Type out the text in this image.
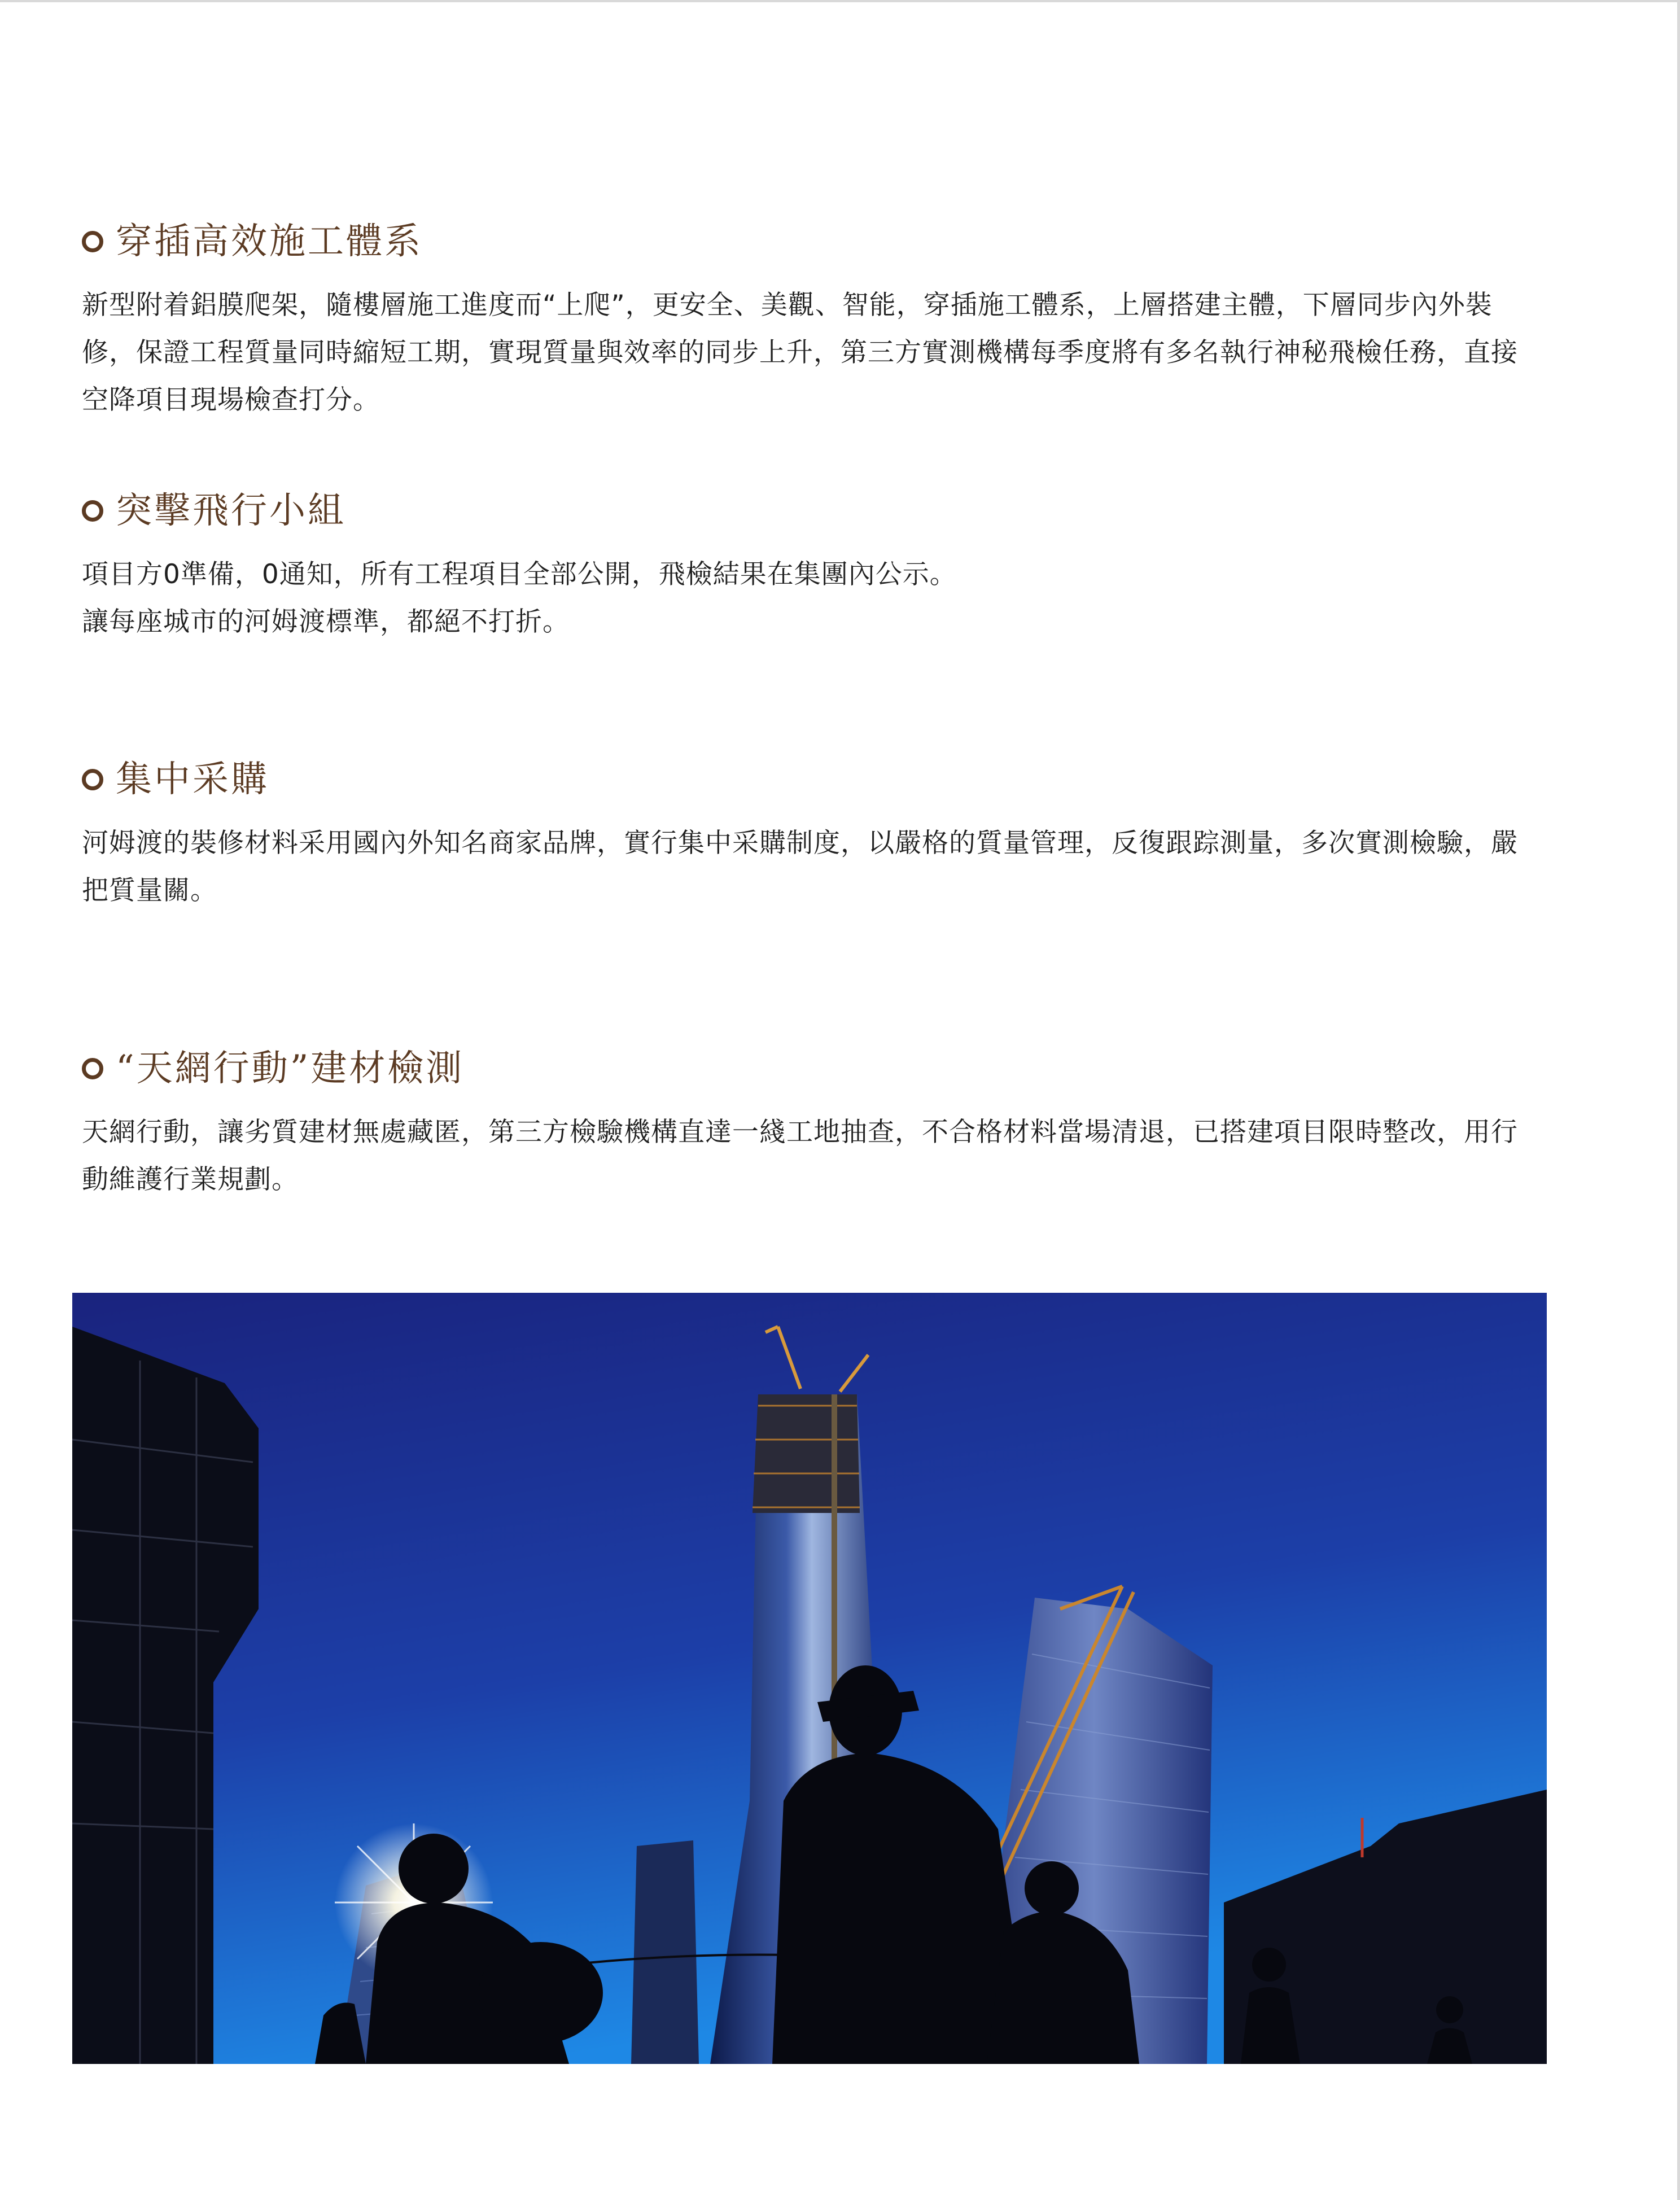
穿插高效施工體系

新型附着鋁膜爬架，隨樓層施工進度而“上爬”，更安全、美觀、智能，穿插施工體系，上層搭建主體，下層同步內外裝修，保證工程質量同時縮短工期，實現質量與效率的同步上升，第三方實測機構每季度將有多名執行神秘飛檢任務，直接空降項目現場檢查打分。

突擊飛行小組

項目方0準備，0通知，所有工程項目全部公開，飛檢結果在集團內公示。

讓每座城市的河姆渡標準，都絕不打折。

集中采購

河姆渡的裝修材料采用國內外知名商家品牌，實行集中采購制度，以嚴格的質量管理，反復跟踪測量，多次實測檢驗，嚴把質量關。

“天網行動”建材檢測

天網行動，讓劣質建材無處藏匿，第三方檢驗機構直達一綫工地抽查，不合格材料當場清退，已搭建項目限時整改，用行動維護行業規劃。
